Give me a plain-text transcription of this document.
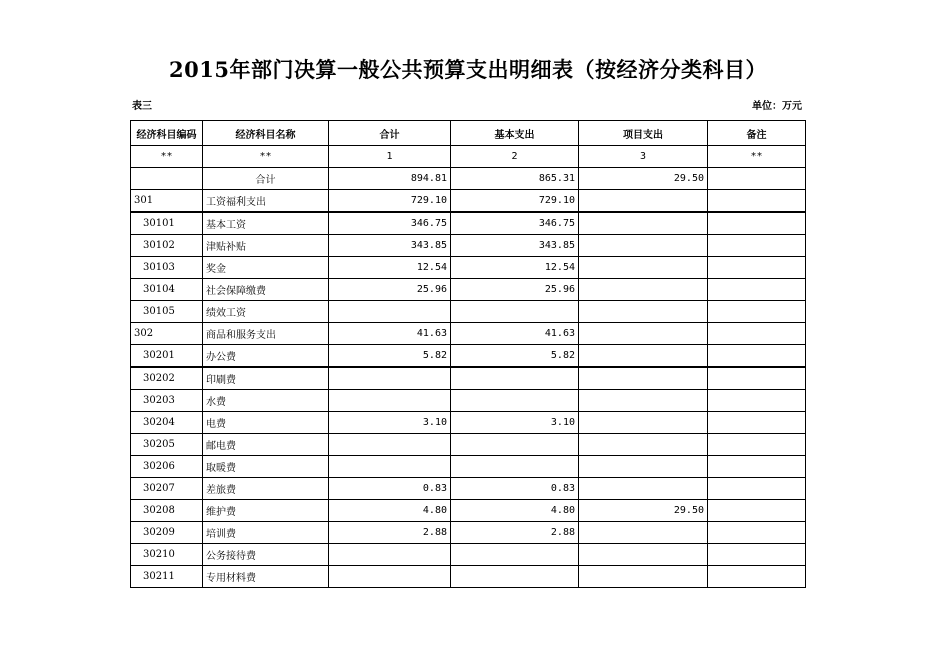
2015年部门决算一般公共预算支出明细表（按经济分类科目）
表三	单位：万元
经济科目编码	经济科目名称	合计	基本支出	项目支出	备注
**	**	1	2	3	**
	合计	894.81	865.31	29.50	
301	工资福利支出	729.10	729.10		
30101	基本工资	346.75	346.75		
30102	津贴补贴	343.85	343.85		
30103	奖金	12.54	12.54		
30104	社会保障缴费	25.96	25.96		
30105	绩效工资				
302	商品和服务支出	41.63	41.63		
30201	办公费	5.82	5.82		
30202	印刷费				
30203	水费				
30204	电费	3.10	3.10		
30205	邮电费				
30206	取暖费				
30207	差旅费	0.83	0.83		
30208	维护费	4.80	4.80	29.50	
30209	培训费	2.88	2.88		
30210	公务接待费				
30211	专用材料费				
